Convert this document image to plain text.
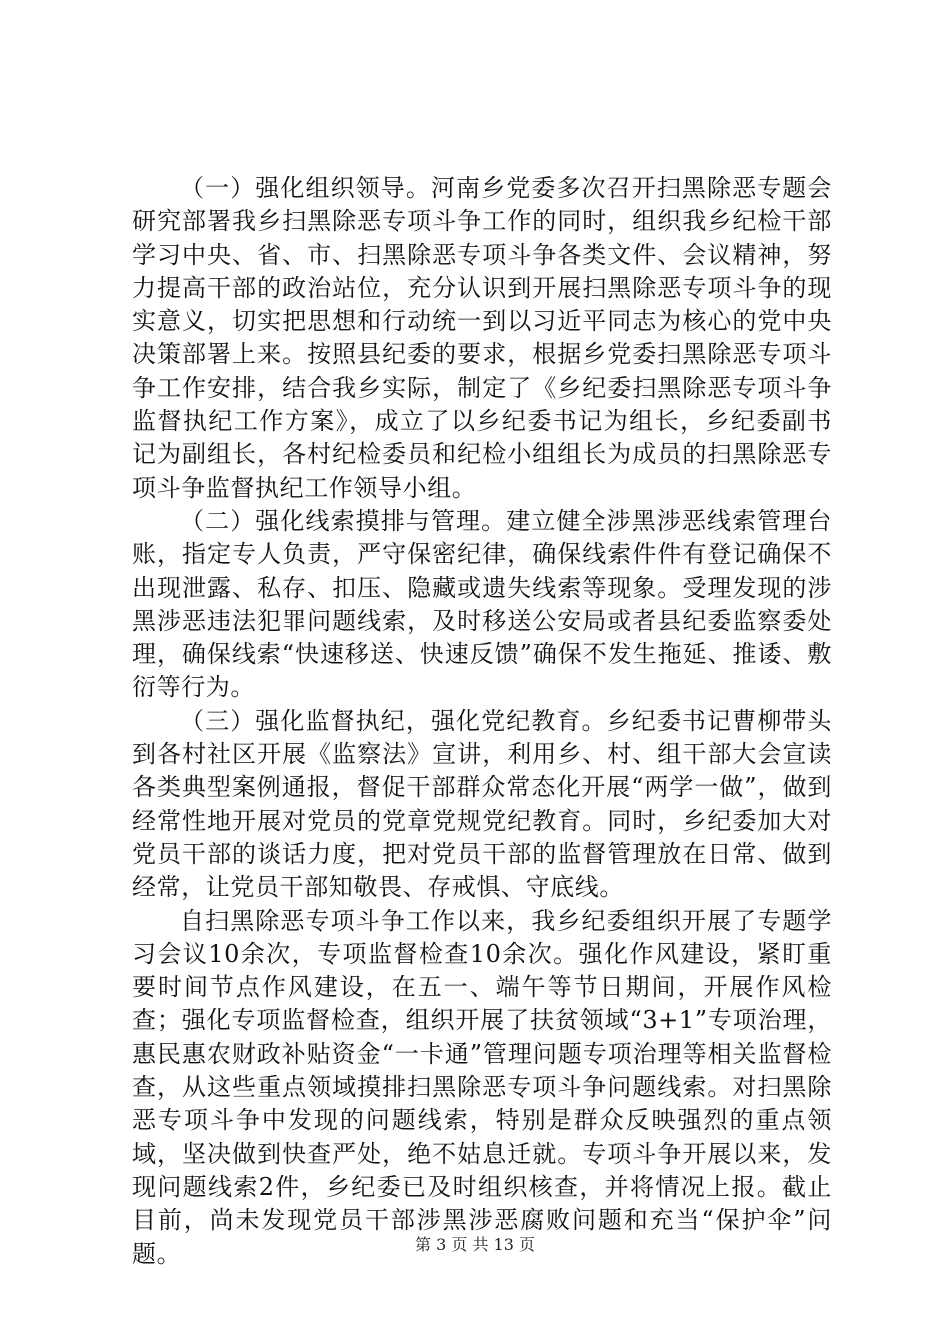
（一）强化组织领导。河南乡党委多次召开扫黑除恶专题会研究部署我乡扫黑除恶专项斗争工作的同时，组织我乡纪检干部学习中央、省、市、扫黑除恶专项斗争各类文件、会议精神，努力提高干部的政治站位，充分认识到开展扫黑除恶专项斗争的现实意义，切实把思想和行动统一到以习近平同志为核心的党中央决策部署上来。按照县纪委的要求，根据乡党委扫黑除恶专项斗争工作安排，结合我乡实际，制定了《乡纪委扫黑除恶专项斗争监督执纪工作方案》，成立了以乡纪委书记为组长，乡纪委副书记为副组长，各村纪检委员和纪检小组组长为成员的扫黑除恶专项斗争监督执纪工作领导小组。

（二）强化线索摸排与管理。建立健全涉黑涉恶线索管理台账，指定专人负责，严守保密纪律，确保线索件件有登记确保不出现泄露、私存、扣压、隐藏或遗失线索等现象。受理发现的涉黑涉恶违法犯罪问题线索，及时移送公安局或者县纪委监察委处理，确保线索“快速移送、快速反馈”确保不发生拖延、推诿、敷衍等行为。

（三）强化监督执纪，强化党纪教育。乡纪委书记曹柳带头到各村社区开展《监察法》宣讲，利用乡、村、组干部大会宣读各类典型案例通报，督促干部群众常态化开展“两学一做”，做到经常性地开展对党员的党章党规党纪教育。同时，乡纪委加大对党员干部的谈话力度，把对党员干部的监督管理放在日常、做到经常，让党员干部知敬畏、存戒惧、守底线。

自扫黑除恶专项斗争工作以来，我乡纪委组织开展了专题学习会议10余次，专项监督检查10余次。强化作风建设，紧盯重要时间节点作风建设，在五一、端午等节日期间，开展作风检查；强化专项监督检查，组织开展了扶贫领域“3+1”专项治理，惠民惠农财政补贴资金“一卡通”管理问题专项治理等相关监督检查，从这些重点领域摸排扫黑除恶专项斗争问题线索。对扫黑除恶专项斗争中发现的问题线索，特别是群众反映强烈的重点领域，坚决做到快查严处，绝不姑息迁就。专项斗争开展以来，发现问题线索2件，乡纪委已及时组织核查，并将情况上报。截止目前，尚未发现党员干部涉黑涉恶腐败问题和充当“保护伞”问题。	第 3 页 共 13 页
